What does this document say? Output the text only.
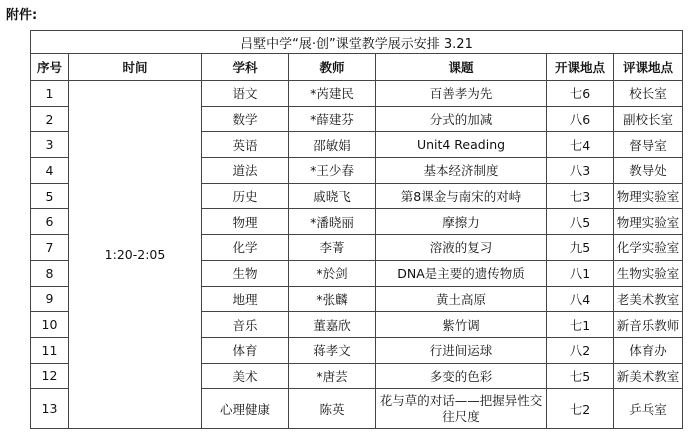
附件:
吕墅中学“展·创”课堂教学展示安排 3.21						
序号	时间	学科	教师	课题	开课地点	评课地点
1	1:20-2:05	语文	*芮建民	百善孝为先	七6	校长室
2		数学	*薛建芬	分式的加减	八6	副校长室
3		英语	邵敏娟	Unit4 Reading	七4	督导室
4		道法	*王少春	基本经济制度	八3	教导处
5		历史	戚晓飞	第8课金与南宋的对峙	七3	物理实验室
6		物理	*潘晓丽	摩擦力	八5	物理实验室
7		化学	李菁	溶液的复习	九5	化学实验室
8		生物	*於剑	DNA是主要的遗传物质	八1	生物实验室
9		地理	*张麟	黄土高原	八4	老美术教室
10		音乐	董嘉欣	紫竹调	七1	新音乐教师
11		体育	蒋孝文	行进间运球	八2	体育办
12		美术	*唐芸	多变的色彩	七5	新美术教室
13		心理健康	陈英	花与草的对话——把握异性交往尺度	七2	乒乓室
